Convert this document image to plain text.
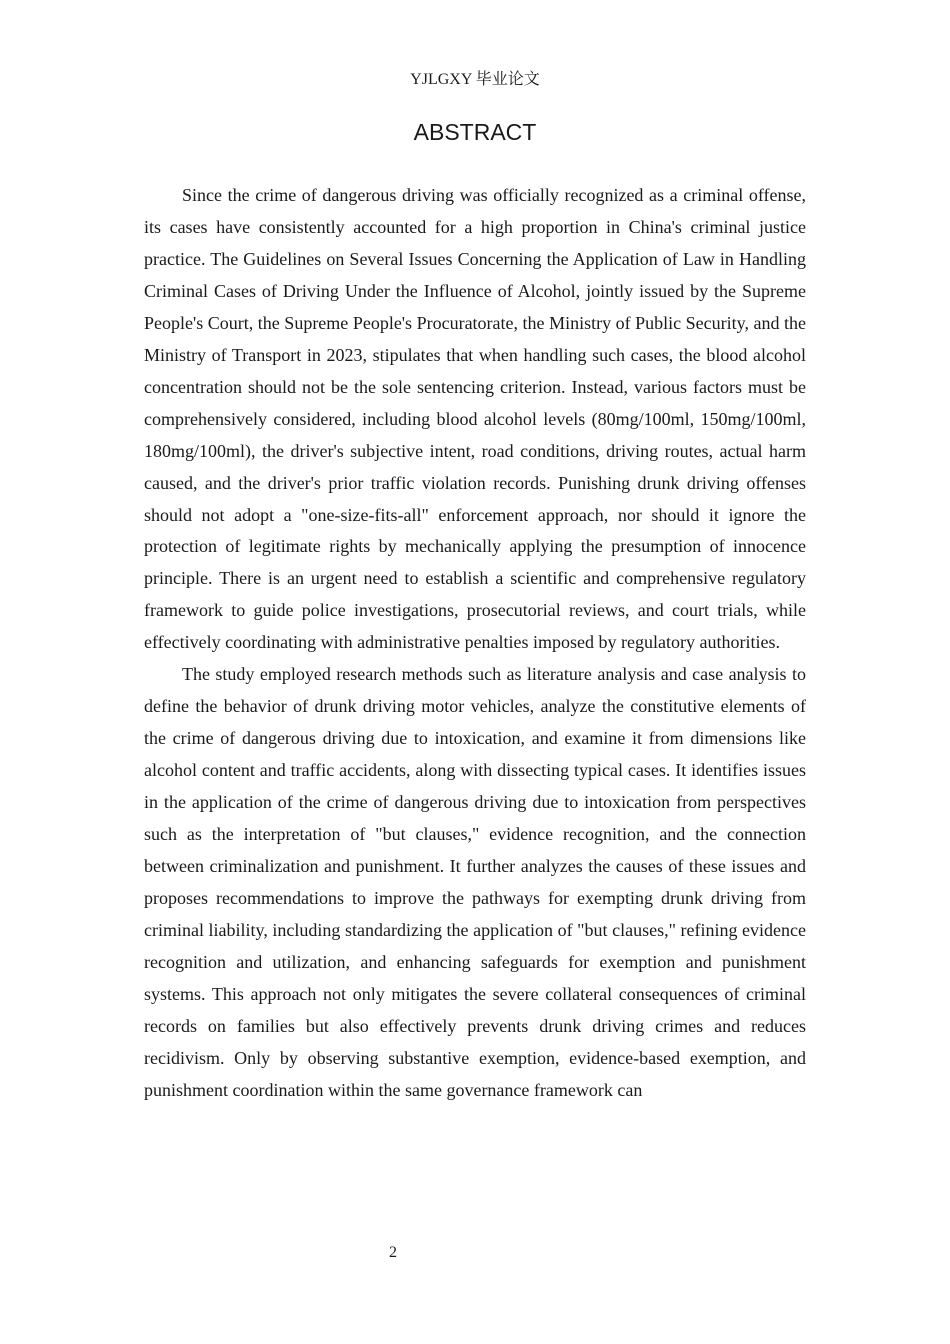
YJLGXY 毕业论文
ABSTRACT

Since the crime of dangerous driving was officially recognized as a criminal offense, its cases have consistently accounted for a high proportion in China's criminal justice practice. The Guidelines on Several Issues Concerning the Application of Law in Handling Criminal Cases of Driving Under the Influence of Alcohol, jointly issued by the Supreme People's Court, the Supreme People's Procuratorate, the Ministry of Public Security, and the Ministry of Transport in 2023, stipulates that when handling such cases, the blood alcohol concentration should not be the sole sentencing criterion. Instead, various factors must be comprehensively considered, including blood alcohol levels (80mg/100ml, 150mg/100ml, 180mg/100ml), the driver's subjective intent, road conditions, driving routes, actual harm caused, and the driver's prior traffic violation records. Punishing drunk driving offenses should not adopt a "one-size-fits-all" enforcement approach, nor should it ignore the protection of legitimate rights by mechanically applying the presumption of innocence principle. There is an urgent need to establish a scientific and comprehensive regulatory framework to guide police investigations, prosecutorial reviews, and court trials, while effectively coordinating with administrative penalties imposed by regulatory authorities.

The study employed research methods such as literature analysis and case analysis to define the behavior of drunk driving motor vehicles, analyze the constitutive elements of the crime of dangerous driving due to intoxication, and examine it from dimensions like alcohol content and traffic accidents, along with dissecting typical cases. It identifies issues in the application of the crime of dangerous driving due to intoxication from perspectives such as the interpretation of "but clauses," evidence recognition, and the connection between criminalization and punishment. It further analyzes the causes of these issues and proposes recommendations to improve the pathways for exempting drunk driving from criminal liability, including standardizing the application of "but clauses," refining evidence recognition and utilization, and enhancing safeguards for exemption and punishment systems. This approach not only mitigates the severe collateral consequences of criminal records on families but also effectively prevents drunk driving crimes and reduces recidivism. Only by observing substantive exemption, evidence-based exemption, and punishment coordination within the same governance framework can

2
